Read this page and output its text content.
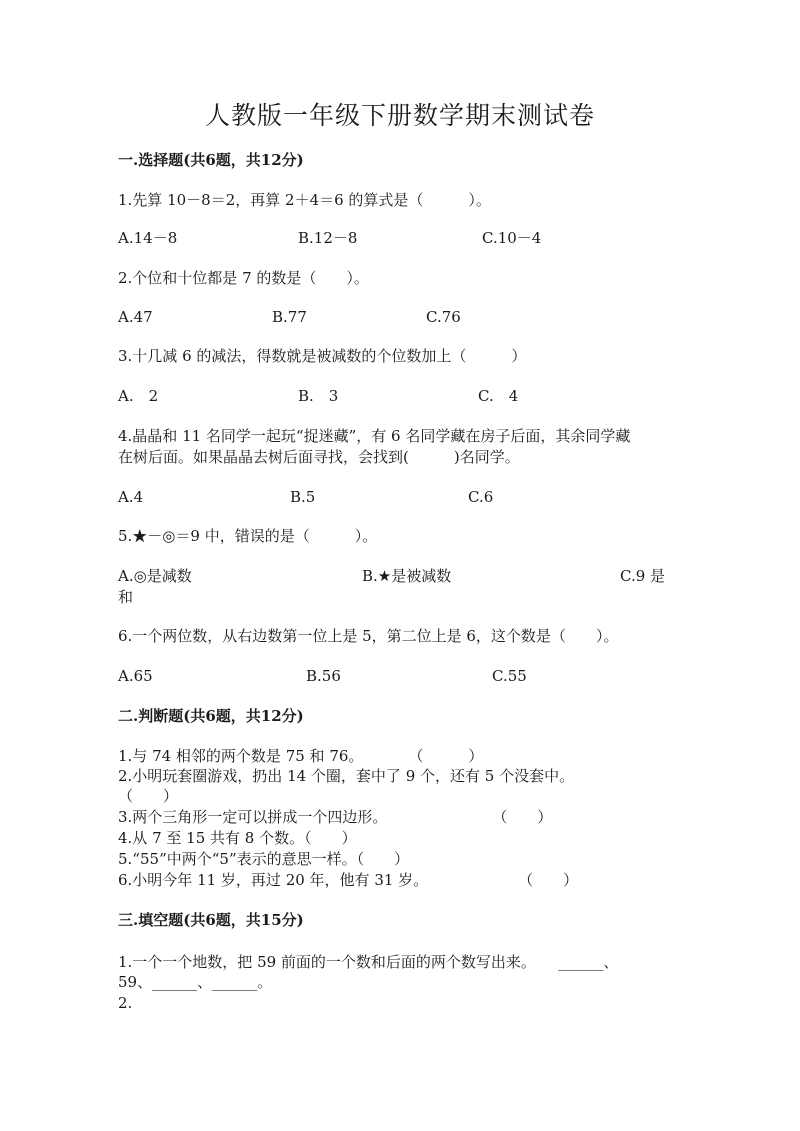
人教版一年级下册数学期末测试卷
一.选择题(共6题，共12分)
1.先算 10－8＝2，再算 2＋4＝6 的算式是（　　　）。
A.14－8	B.12－8	C.10－4
2.个位和十位都是 7 的数是（　　）。
A.47	B.77	C.76
3.十几减 6 的减法，得数就是被减数的个位数加上（　　　）
A.　2	B.　3	C.　4
4.晶晶和 11 名同学一起玩“捉迷藏”，有 6 名同学藏在房子后面，其余同学藏
在树后面。如果晶晶去树后面寻找，会找到(　　　)名同学。
A.4	B.5	C.6
5.★－◎＝9 中，错误的是（　　　）。
A.◎是减数	B.★是被减数	C.9 是
和
6.一个两位数，从右边数第一位上是 5，第二位上是 6，这个数是（　　）。
A.65	B.56	C.55
二.判断题(共6题，共12分)
1.与 74 相邻的两个数是 75 和 76。　　　　（　　　）
2.小明玩套圈游戏，扔出 14 个圈，套中了 9 个，还有 5 个没套中。
（　　）
3.两个三角形一定可以拼成一个四边形。　　　　　　　　（　　）
4.从 7 至 15 共有 8 个数。（　　）
5.“55”中两个“5”表示的意思一样。（　　）
6.小明今年 11 岁，再过 20 年，他有 31 岁。　　　　　　　（　　）
三.填空题(共6题，共15分)
1.一个一个地数，把 59 前面的一个数和后面的两个数写出来。　　______、
59、______、______。
2.
